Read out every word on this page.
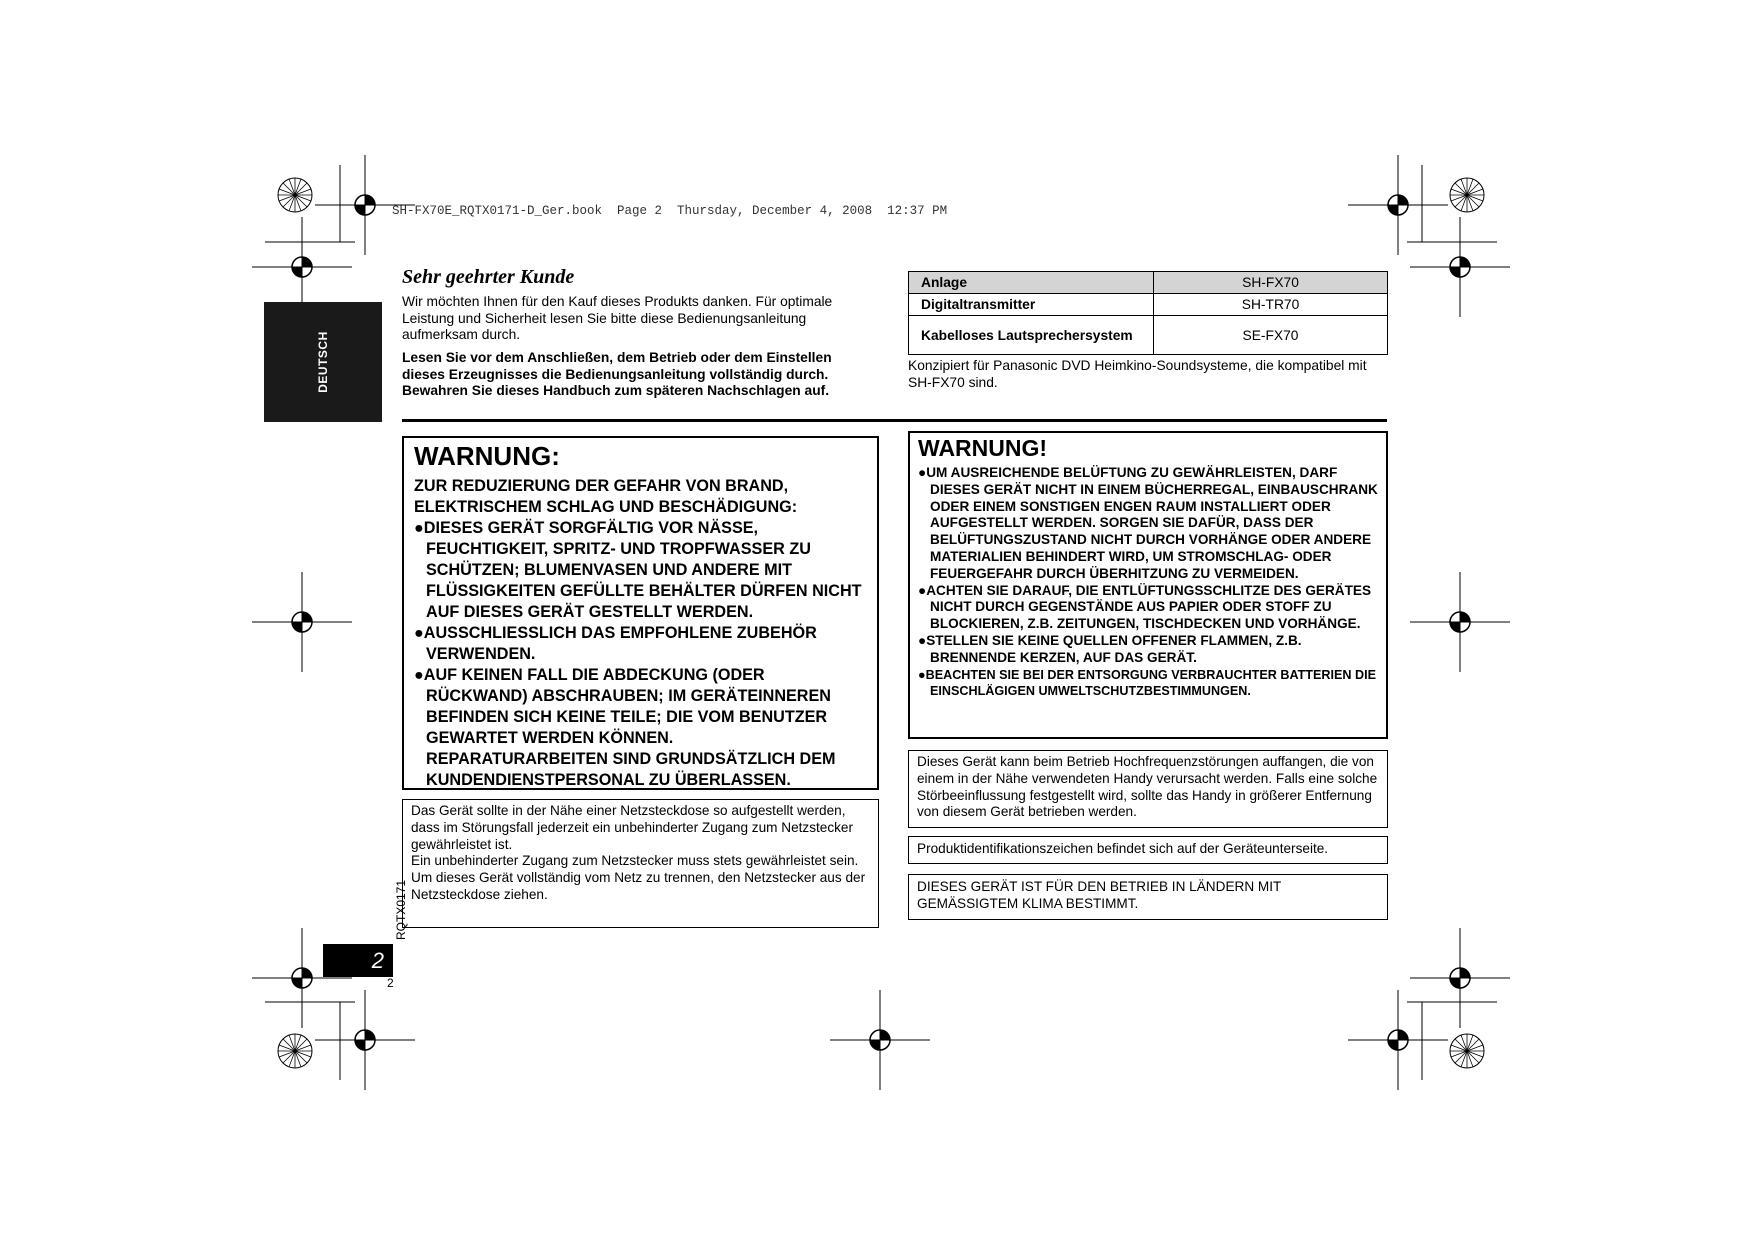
SH-FX70E_RQTX0171-D_Ger.book  Page 2  Thursday, December 4, 2008  12:37 PM
DEUTSCH
Sehr geehrter Kunde
Wir möchten Ihnen für den Kauf dieses Produkts danken. Für optimale Leistung und Sicherheit lesen Sie bitte diese Bedienungsanleitung aufmerksam durch.
Lesen Sie vor dem Anschließen, dem Betrieb oder dem Einstellen dieses Erzeugnisses die Bedienungsanleitung vollständig durch. Bewahren Sie dieses Handbuch zum späteren Nachschlagen auf.
Anlage	SH-FX70
Digitaltransmitter	SH-TR70
Kabelloses Lautsprechersystem	SE-FX70
Konzipiert für Panasonic DVD Heimkino-Soundsysteme, die kompatibel mit SH-FX70 sind.
WARNUNG:
ZUR REDUZIERUNG DER GEFAHR VON BRAND, ELEKTRISCHEM SCHLAG UND BESCHÄDIGUNG:
●DIESES GERÄT SORGFÄLTIG VOR NÄSSE, FEUCHTIGKEIT, SPRITZ- UND TROPFWASSER ZU SCHÜTZEN; BLUMENVASEN UND ANDERE MIT FLÜSSIGKEITEN GEFÜLLTE BEHÄLTER DÜRFEN NICHT AUF DIESES GERÄT GESTELLT WERDEN.
●AUSSCHLIESSLICH DAS EMPFOHLENE ZUBEHÖR VERWENDEN.
●AUF KEINEN FALL DIE ABDECKUNG (ODER RÜCKWAND) ABSCHRAUBEN; IM GERÄTEINNEREN BEFINDEN SICH KEINE TEILE; DIE VOM BENUTZER GEWARTET WERDEN KÖNNEN.
REPARATURARBEITEN SIND GRUNDSÄTZLICH DEM KUNDENDIENSTPERSONAL ZU ÜBERLASSEN.
WARNUNG!
●UM AUSREICHENDE BELÜFTUNG ZU GEWÄHRLEISTEN, DARF DIESES GERÄT NICHT IN EINEM BÜCHERREGAL, EINBAUSCHRANK ODER EINEM SONSTIGEN ENGEN RAUM INSTALLIERT ODER AUFGESTELLT WERDEN. SORGEN SIE DAFÜR, DASS DER BELÜFTUNGSZUSTAND NICHT DURCH VORHÄNGE ODER ANDERE MATERIALIEN BEHINDERT WIRD, UM STROMSCHLAG- ODER FEUERGEFAHR DURCH ÜBERHITZUNG ZU VERMEIDEN.
●ACHTEN SIE DARAUF, DIE ENTLÜFTUNGSSCHLITZE DES GERÄTES NICHT DURCH GEGENSTÄNDE AUS PAPIER ODER STOFF ZU BLOCKIEREN, Z.B. ZEITUNGEN, TISCHDECKEN UND VORHÄNGE.
●STELLEN SIE KEINE QUELLEN OFFENER FLAMMEN, Z.B. BRENNENDE KERZEN, AUF DAS GERÄT.
●BEACHTEN SIE BEI DER ENTSORGUNG VERBRAUCHTER BATTERIEN DIE EINSCHLÄGIGEN UMWELTSCHUTZBESTIMMUNGEN.
Das Gerät sollte in der Nähe einer Netzsteckdose so aufgestellt werden, dass im Störungsfall jederzeit ein unbehinderter Zugang zum Netzstecker gewährleistet ist.
Ein unbehinderter Zugang zum Netzstecker muss stets gewährleistet sein.
Um dieses Gerät vollständig vom Netz zu trennen, den Netzstecker aus der Netzsteckdose ziehen.
Dieses Gerät kann beim Betrieb Hochfrequenzstörungen auffangen, die von einem in der Nähe verwendeten Handy verursacht werden. Falls eine solche Störbeeinflussung festgestellt wird, sollte das Handy in größerer Entfernung von diesem Gerät betrieben werden.
Produktidentifikationszeichen befindet sich auf der Geräteunterseite.
DIESES GERÄT IST FÜR DEN BETRIEB IN LÄNDERN MIT GEMÄSSIGTEM KLIMA BESTIMMT.
2
RQTX0171
2
